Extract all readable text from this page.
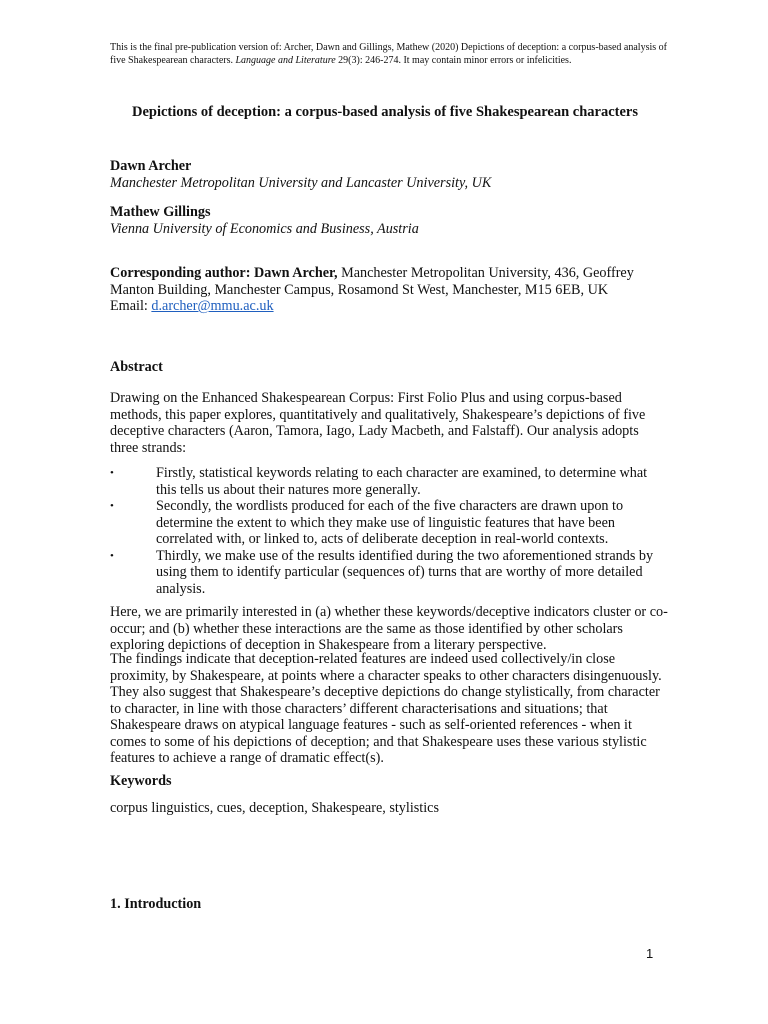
This is the final pre-publication version of: Archer, Dawn and Gillings, Mathew (2020) Depictions of deception: a corpus-based analysis of five Shakespearean characters. Language and Literature 29(3): 246-274. It may contain minor errors or infelicities.
Depictions of deception: a corpus-based analysis of five Shakespearean characters

Dawn Archer

Manchester Metropolitan University and Lancaster University, UK

Mathew Gillings

Vienna University of Economics and Business, Austria

Corresponding author: Dawn Archer, Manchester Metropolitan University, 436, Geoffrey Manton Building, Manchester Campus, Rosamond St West, Manchester, M15 6EB, UK

Email: d.archer@mmu.ac.uk

Abstract
Drawing on the Enhanced Shakespearean Corpus: First Folio Plus and using corpus-based methods, this paper explores, quantitatively and qualitatively, Shakespeare’s depictions of five deceptive characters (Aaron, Tamora, Iago, Lady Macbeth, and Falstaff). Our analysis adopts three strands:
•	Firstly, statistical keywords relating to each character are examined, to determine what this tells us about their natures more generally.
•	Secondly, the wordlists produced for each of the five characters are drawn upon to determine the extent to which they make use of linguistic features that have been correlated with, or linked to, acts of deliberate deception in real-world contexts.
•	Thirdly, we make use of the results identified during the two aforementioned strands by using them to identify particular (sequences of) turns that are worthy of more detailed analysis.
Here, we are primarily interested in (a) whether these keywords/deceptive indicators cluster or co-occur; and (b) whether these interactions are the same as those identified by other scholars exploring depictions of deception in Shakespeare from a literary perspective.
The findings indicate that deception-related features are indeed used collectively/in close proximity, by Shakespeare, at points where a character speaks to other characters disingenuously. They also suggest that Shakespeare’s deceptive depictions do change stylistically, from character to character, in line with those characters’ different characterisations and situations; that Shakespeare draws on atypical language features - such as self-oriented references - when it comes to some of his depictions of deception; and that Shakespeare uses these various stylistic features to achieve a range of dramatic effect(s).
Keywords
corpus linguistics, cues, deception, Shakespeare, stylistics
1. Introduction
1
